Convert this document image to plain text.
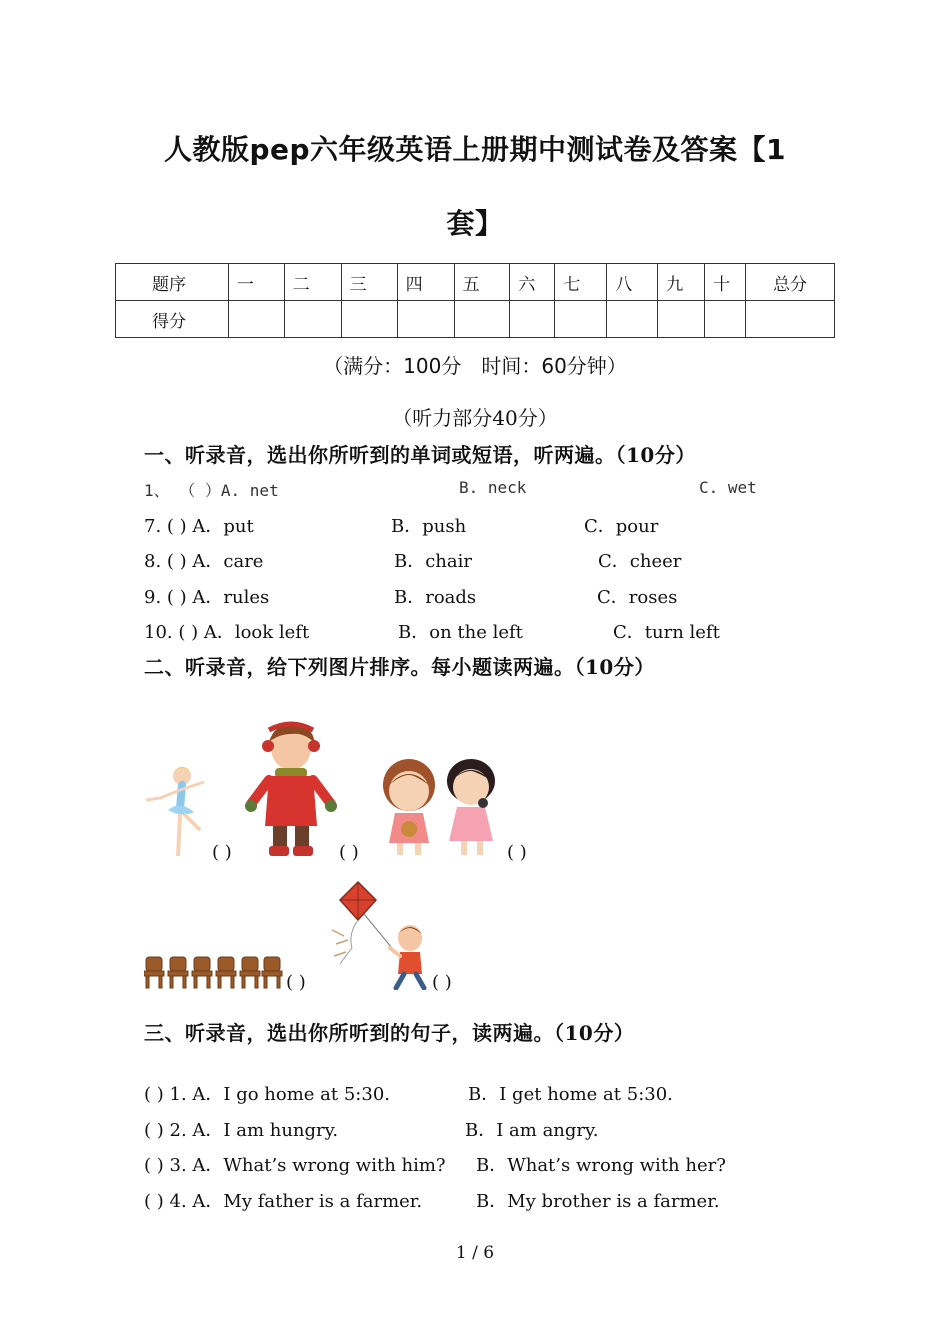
人教版pep六年级英语上册期中测试卷及答案【1
套】
题序	一	二	三	四	五	六	七	八	九	十	总分
得分											
（满分：100分　时间：60分钟）
（听力部分40分）
一、听录音，选出你所听到的单词或短语，听两遍。（10分）
1、 （ ）A. net	B. neck	C. wet
7. ( ) A．put	B．push	C．pour
8. ( ) A．care	B．chair	C．cheer
9. ( ) A．rules	B．roads	C．roses
10. ( ) A．look left	B．on the left	C．turn left
二、听录音，给下列图片排序。每小题读两遍。（10分）
( )	( )	( )
( )	( )
三、听录音，选出你所听到的句子，读两遍。（10分）
( ) 1. A．I go home at 5:30.	B．I get home at 5:30.
( ) 2. A．I am hungry.	B．I am angry.
( ) 3. A．What’s wrong with him? B．What’s wrong with her?
( ) 4. A．My father is a farmer.	B．My brother is a farmer.
1 / 6
